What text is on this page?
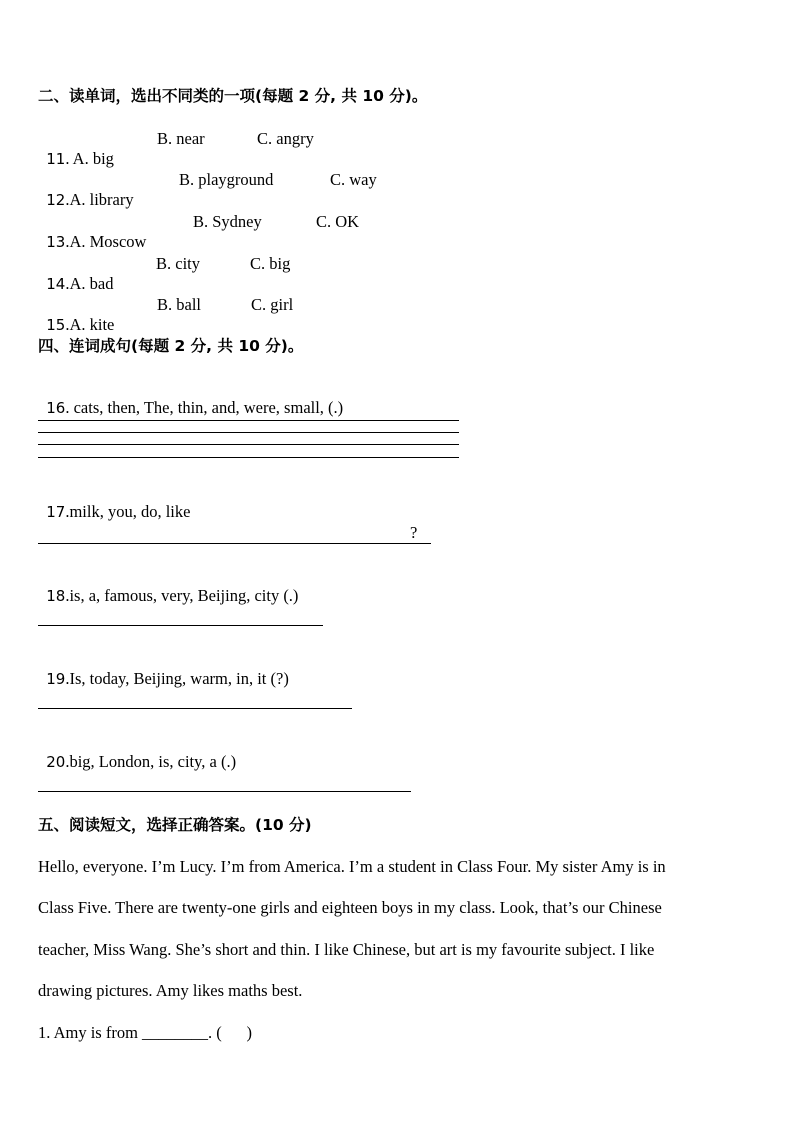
二、读单词，选出不同类的一项(每题 2 分, 共 10 分)。

11. A. big

B. near

	C. angry

12.A. library

B. playground

	C. way

13.A. Moscow

B. Sydney

	C. OK

14.A. bad

B. city

	C. big

15.A. kite

B. ball

	C. girl

四、连词成句(每题 2 分, 共 10 分)。

16. cats, then, The, thin, and, were, small, (.)

17.milk, you, do, like

?

18.is, a, famous, very, Beijing, city (.)

19.Is, today, Beijing, warm, in, it (?)

20.big, London, is, city, a (.)

五、阅读短文，选择正确答案。(10 分)
Hello, everyone. I’m Lucy. I’m from America. I’m a student in Class Four. My sister Amy is in
Class Five. There are twenty-one girls and eighteen boys in my class. Look, that’s our Chinese
teacher, Miss Wang. She’s short and thin. I like Chinese, but art is my favourite subject. I like
drawing pictures. Amy likes maths best.
1. Amy is from ________. (      )
